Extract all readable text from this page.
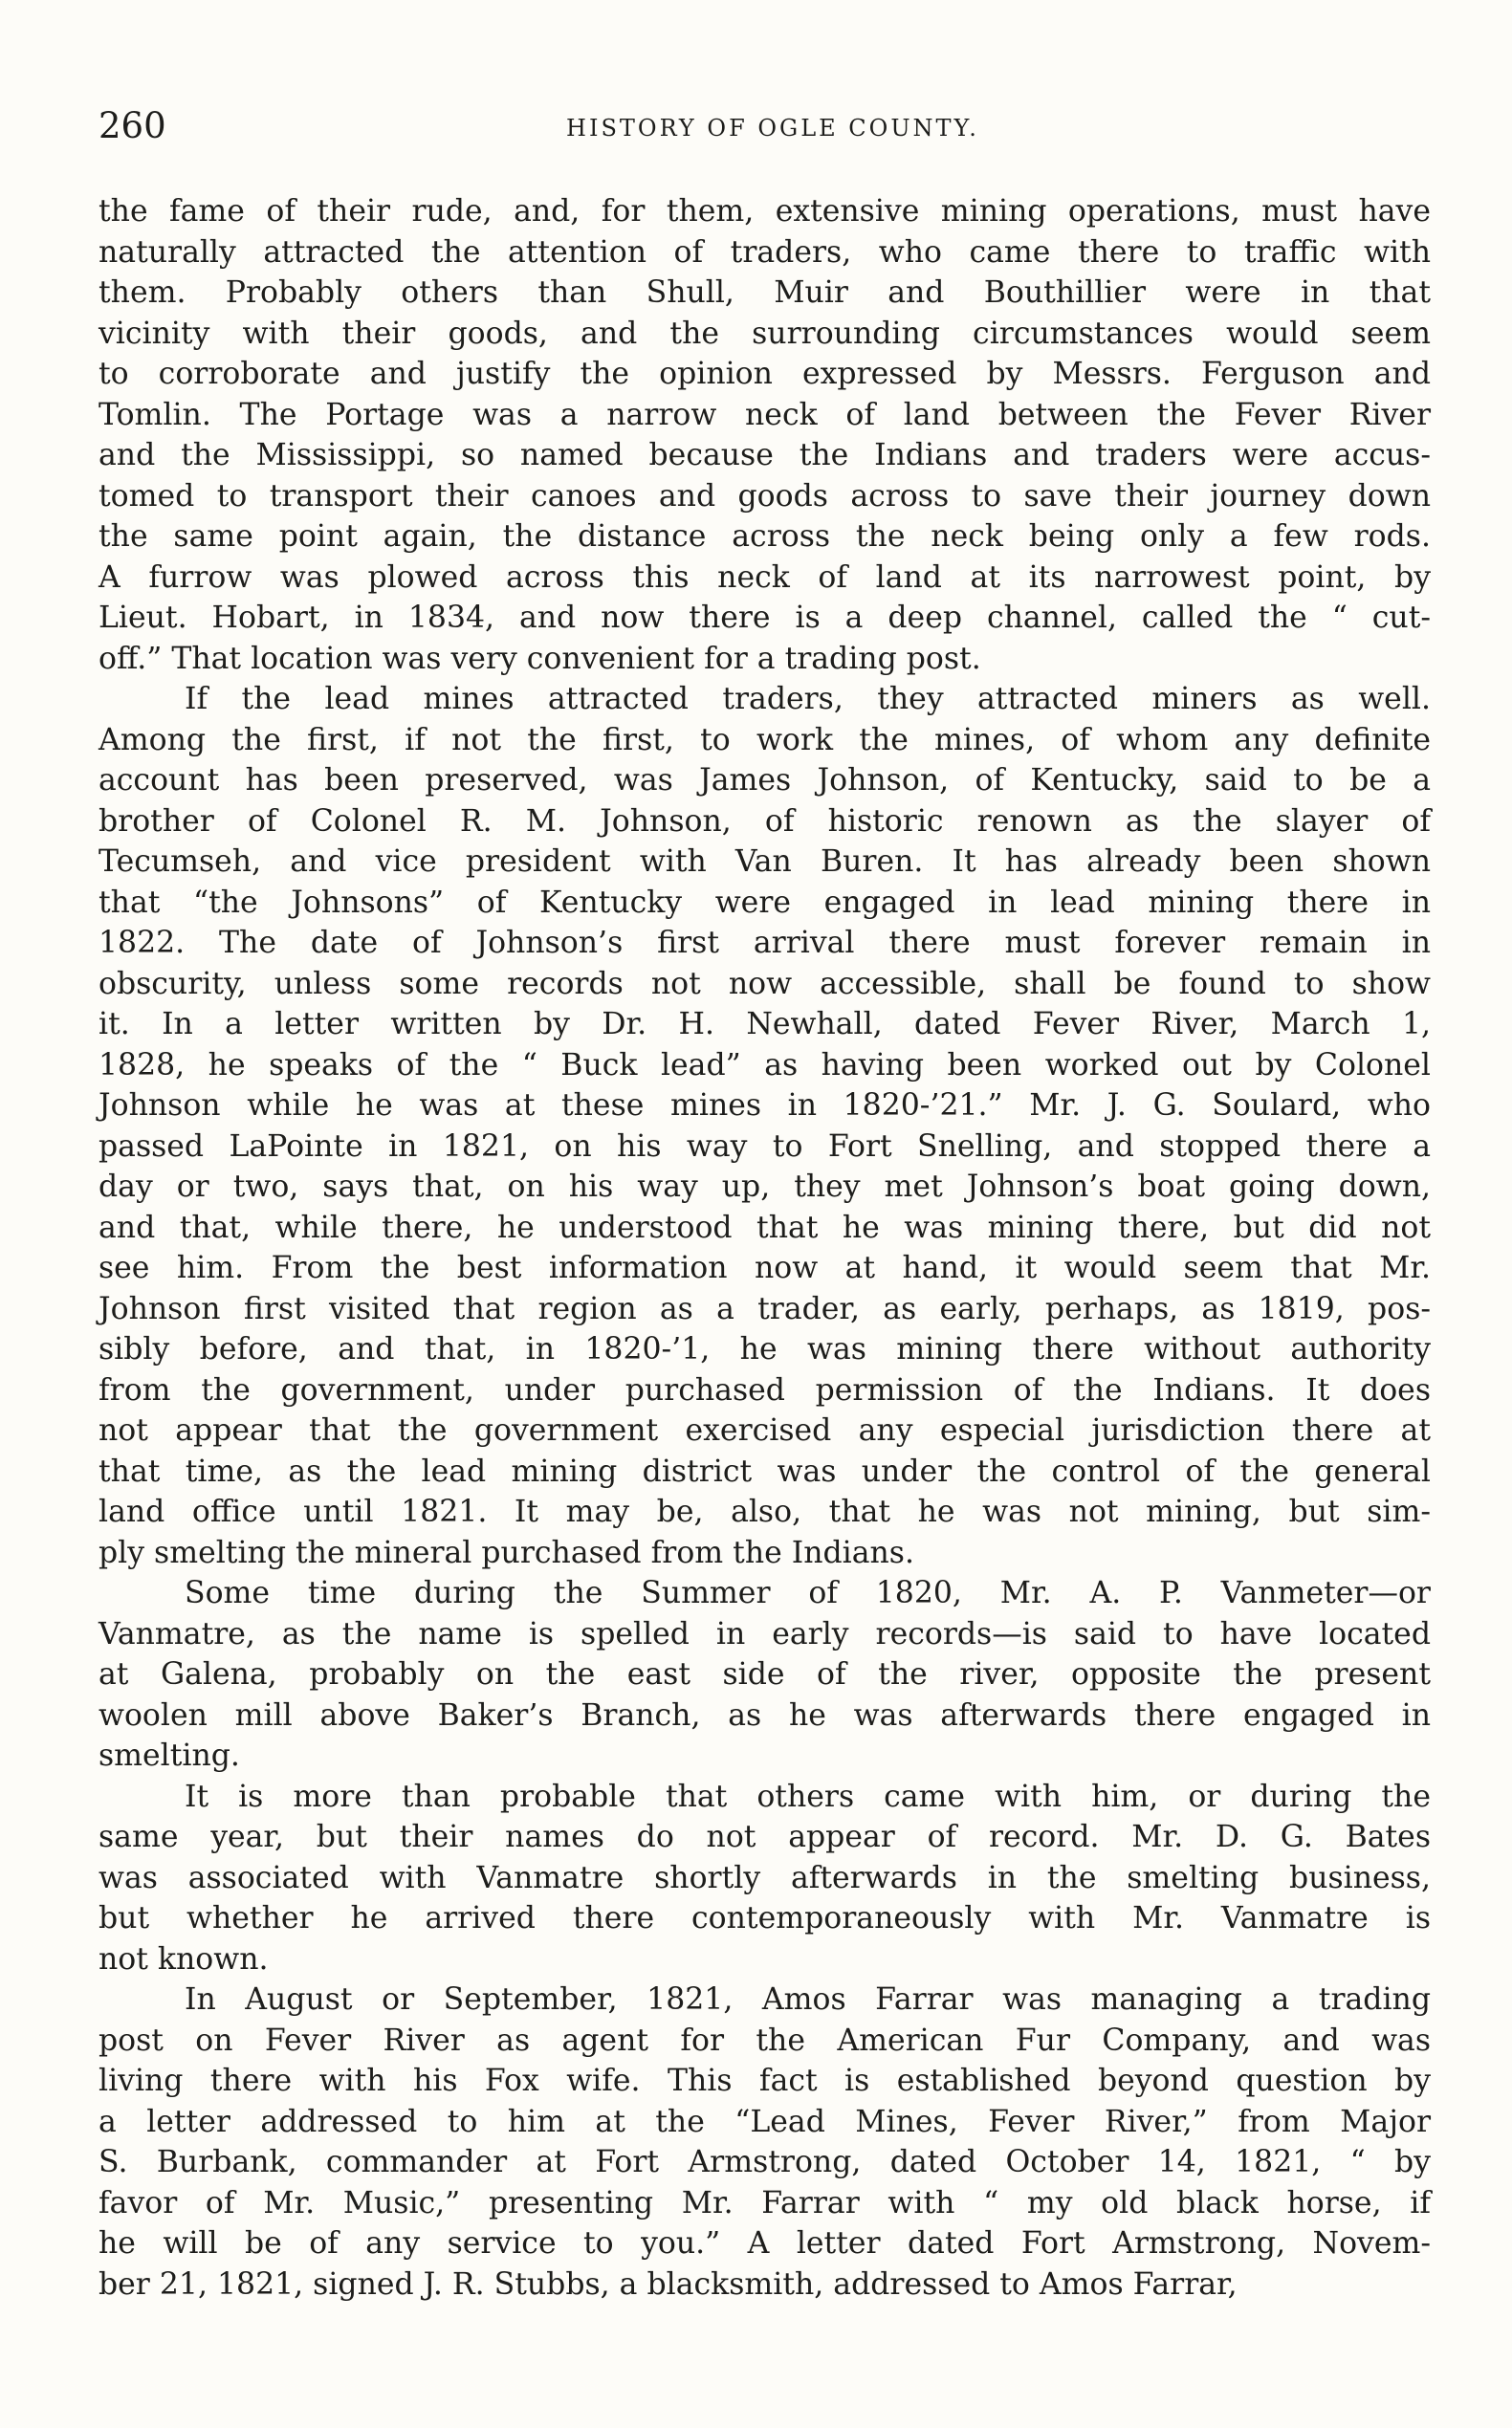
260	HISTORY OF OGLE COUNTY.
the fame of their rude, and, for them, extensive mining operations, must have
naturally attracted the attention of traders, who came there to traffic with
them. Probably others than Shull, Muir and Bouthillier were in that
vicinity with their goods, and the surrounding circumstances would seem
to corroborate and justify the opinion expressed by Messrs. Ferguson and
Tomlin. The Portage was a narrow neck of land between the Fever River
and the Mississippi, so named because the Indians and traders were accus-
tomed to transport their canoes and goods across to save their journey down
the same point again, the distance across the neck being only a few rods.
A furrow was plowed across this neck of land at its narrowest point, by
Lieut. Hobart, in 1834, and now there is a deep channel, called the “ cut-
off.” That location was very convenient for a trading post.
If the lead mines attracted traders, they attracted miners as well.
Among the first, if not the first, to work the mines, of whom any definite
account has been preserved, was James Johnson, of Kentucky, said to be a
brother of Colonel R. M. Johnson, of historic renown as the slayer of
Tecumseh, and vice president with Van Buren. It has already been shown
that “the Johnsons” of Kentucky were engaged in lead mining there in
1822. The date of Johnson’s first arrival there must forever remain in
obscurity, unless some records not now accessible, shall be found to show
it. In a letter written by Dr. H. Newhall, dated Fever River, March 1,
1828, he speaks of the “ Buck lead” as having been worked out by Colonel
Johnson while he was at these mines in 1820-’21.” Mr. J. G. Soulard, who
passed LaPointe in 1821, on his way to Fort Snelling, and stopped there a
day or two, says that, on his way up, they met Johnson’s boat going down,
and that, while there, he understood that he was mining there, but did not
see him. From the best information now at hand, it would seem that Mr.
Johnson first visited that region as a trader, as early, perhaps, as 1819, pos-
sibly before, and that, in 1820-’1, he was mining there without authority
from the government, under purchased permission of the Indians. It does
not appear that the government exercised any especial jurisdiction there at
that time, as the lead mining district was under the control of the general
land office until 1821. It may be, also, that he was not mining, but sim-
ply smelting the mineral purchased from the Indians.
Some time during the Summer of 1820, Mr. A. P. Vanmeter—or
Vanmatre, as the name is spelled in early records—is said to have located
at Galena, probably on the east side of the river, opposite the present
woolen mill above Baker’s Branch, as he was afterwards there engaged in
smelting.
It is more than probable that others came with him, or during the
same year, but their names do not appear of record. Mr. D. G. Bates
was associated with Vanmatre shortly afterwards in the smelting business,
but whether he arrived there contemporaneously with Mr. Vanmatre is
not known.
In August or September, 1821, Amos Farrar was managing a trading
post on Fever River as agent for the American Fur Company, and was
living there with his Fox wife. This fact is established beyond question by
a letter addressed to him at the “Lead Mines, Fever River,” from Major
S. Burbank, commander at Fort Armstrong, dated October 14, 1821, “ by
favor of Mr. Music,” presenting Mr. Farrar with “ my old black horse, if
he will be of any service to you.” A letter dated Fort Armstrong, Novem-
ber 21, 1821, signed J. R. Stubbs, a blacksmith, addressed to Amos Farrar,
